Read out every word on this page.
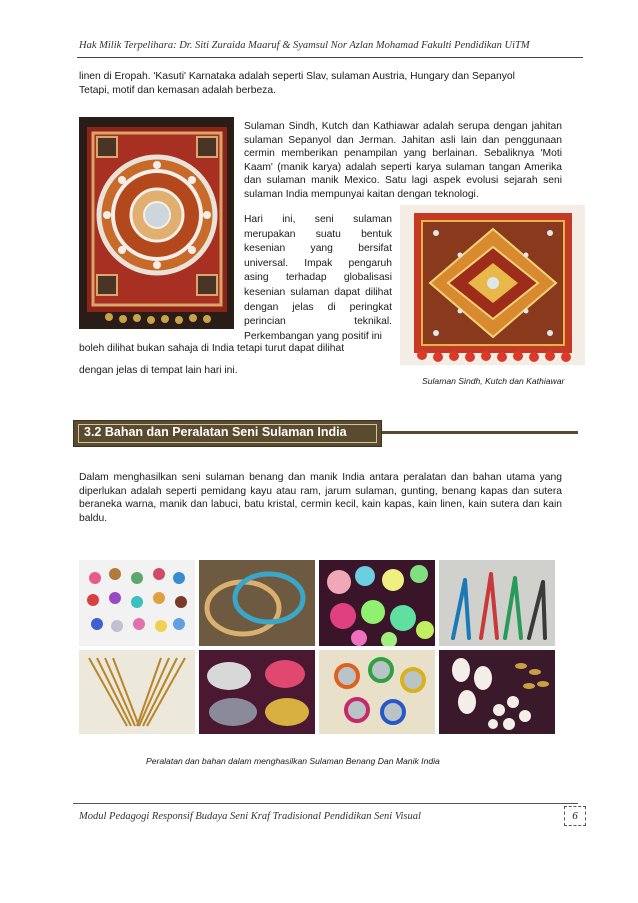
Hak Milik Terpelihara: Dr. Siti Zuraida Maaruf & Syamsul Nor Azlan Mohamad Fakulti Pendidikan UiTM

linen di Eropah. 'Kasuti' Karnataka adalah seperti Slav, sulaman Austria, Hungary dan Sepanyol

Tetapi, motif dan kemasan adalah berbeza.

Sulaman Sindh, Kutch dan Kathiawar adalah serupa dengan jahitan sulaman Sepanyol dan Jerman. Jahitan asli lain dan penggunaan cermin memberikan penampilan yang berlainan. Sebaliknya 'Moti Kaam' (manik karya) adalah seperti karya sulaman tangan Amerika dan sulaman manik Mexico. Satu lagi aspek evolusi sejarah seni sulaman India mempunyai kaitan dengan teknologi.

Hari ini, seni sulaman merupakan suatu bentuk kesenian yang bersifat universal. Impak pengaruh asing terhadap globalisasi kesenian sulaman dapat dilihat dengan jelas di peringkat perincian teknikal. Perkembangan yang positif ini

boleh dilihat bukan sahaja di India tetapi turut dapat dilihat

dengan jelas di tempat lain hari ini.

Sulaman Sindh, Kutch dan Kathiawar
3.2 Bahan dan Peralatan Seni Sulaman India

Dalam menghasilkan seni sulaman benang dan manik India antara peralatan dan bahan utama yang diperlukan adalah seperti pemidang kayu atau ram, jarum sulaman, gunting, benang kapas dan sutera beraneka warna, manik dan labuci, batu kristal, cermin kecil, kain kapas, kain linen, kain sutera dan kain baldu.

Peralatan dan bahan dalam menghasilkan Sulaman Benang Dan Manik India
Modul Pedagogi Responsif Budaya Seni Kraf Tradisional Pendidikan Seni Visual	6
